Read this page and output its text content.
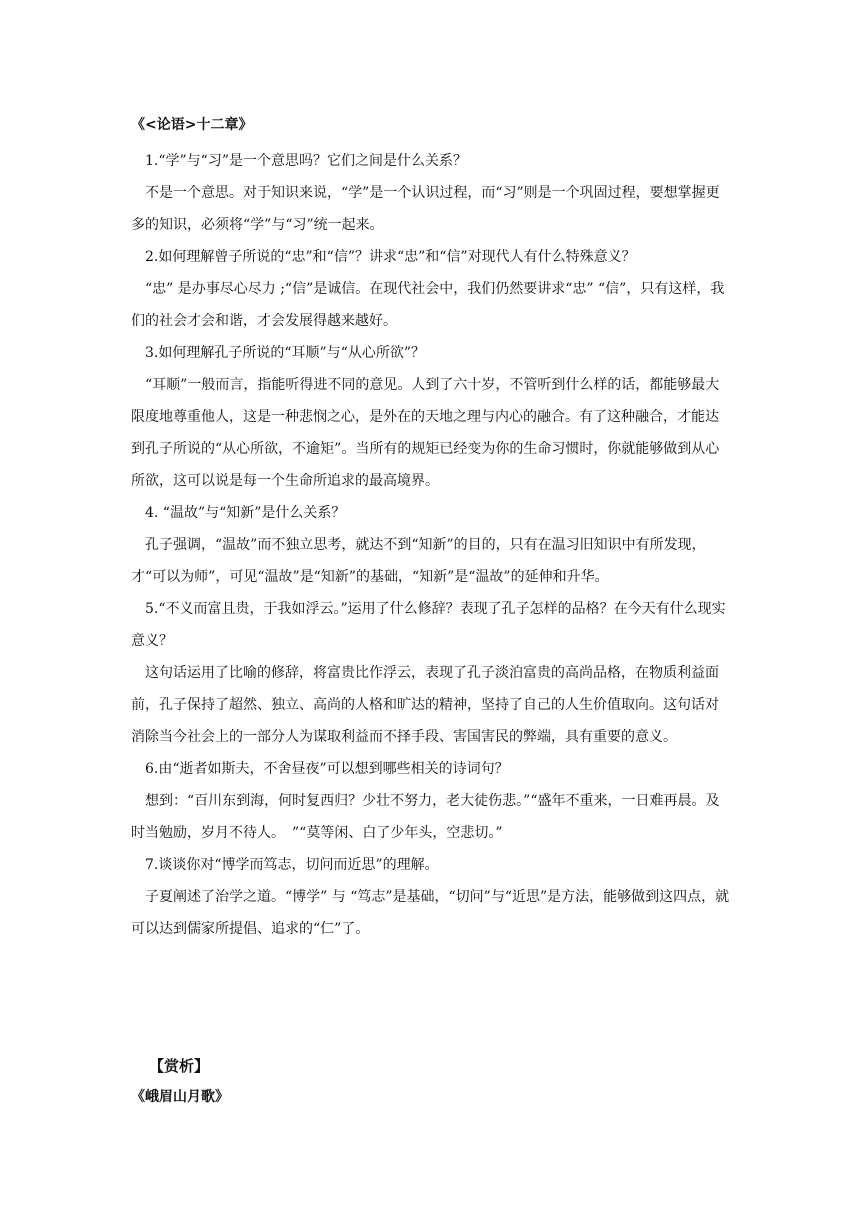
《<论语>十二章》

1.“学”与“习”是一个意思吗？它们之间是什么关系？

不是一个意思。对于知识来说，“学”是一个认识过程，而“习”则是一个巩固过程，要想掌握更多的知识，必须将“学”与“习”统一起来。

2.如何理解曾子所说的“忠”和“信”？讲求“忠”和“信”对现代人有什么特殊意义？

“忠” 是办事尽心尽力 ;“信”是诚信。在现代社会中，我们仍然要讲求“忠” “信”，只有这样，我们的社会才会和谐，才会发展得越来越好。

3.如何理解孔子所说的“耳顺”与“从心所欲”？

“耳顺”一般而言，指能听得进不同的意见。人到了六十岁，不管听到什么样的话，都能够最大限度地尊重他人，这是一种悲悯之心，是外在的天地之理与内心的融合。有了这种融合，才能达到孔子所说的“从心所欲，不逾矩”。当所有的规矩已经变为你的生命习惯时，你就能够做到从心所欲，这可以说是每一个生命所追求的最高境界。

4. “温故”与“知新”是什么关系？

孔子强调，“温故”而不独立思考，就达不到“知新”的目的，只有在温习旧知识中有所发现，才“可以为师”，可见“温故”是“知新”的基础，“知新”是“温故”的延伸和升华。

5.“不义而富且贵，于我如浮云。”运用了什么修辞？表现了孔子怎样的品格？在今天有什么现实意义？

这句话运用了比喻的修辞，将富贵比作浮云，表现了孔子淡泊富贵的高尚品格，在物质利益面前，孔子保持了超然、独立、高尚的人格和旷达的精神，坚持了自己的人生价值取向。这句话对消除当今社会上的一部分人为谋取利益而不择手段、害国害民的弊端，具有重要的意义。

6.由“逝者如斯夫，不舍昼夜”可以想到哪些相关的诗词句？

想到：“百川东到海，何时复西归？少壮不努力，老大徒伤悲。”“盛年不重来，一日难再晨。及时当勉励，岁月不待人。　”“莫等闲、白了少年头，空悲切。”

7.谈谈你对“博学而笃志，切问而近思”的理解。

子夏阐述了治学之道。“博学” 与 “笃志”是基础，“切问”与“近思”是方法，能够做到这四点，就可以达到儒家所提倡、追求的“仁”了。

【赏析】

《峨眉山月歌》
